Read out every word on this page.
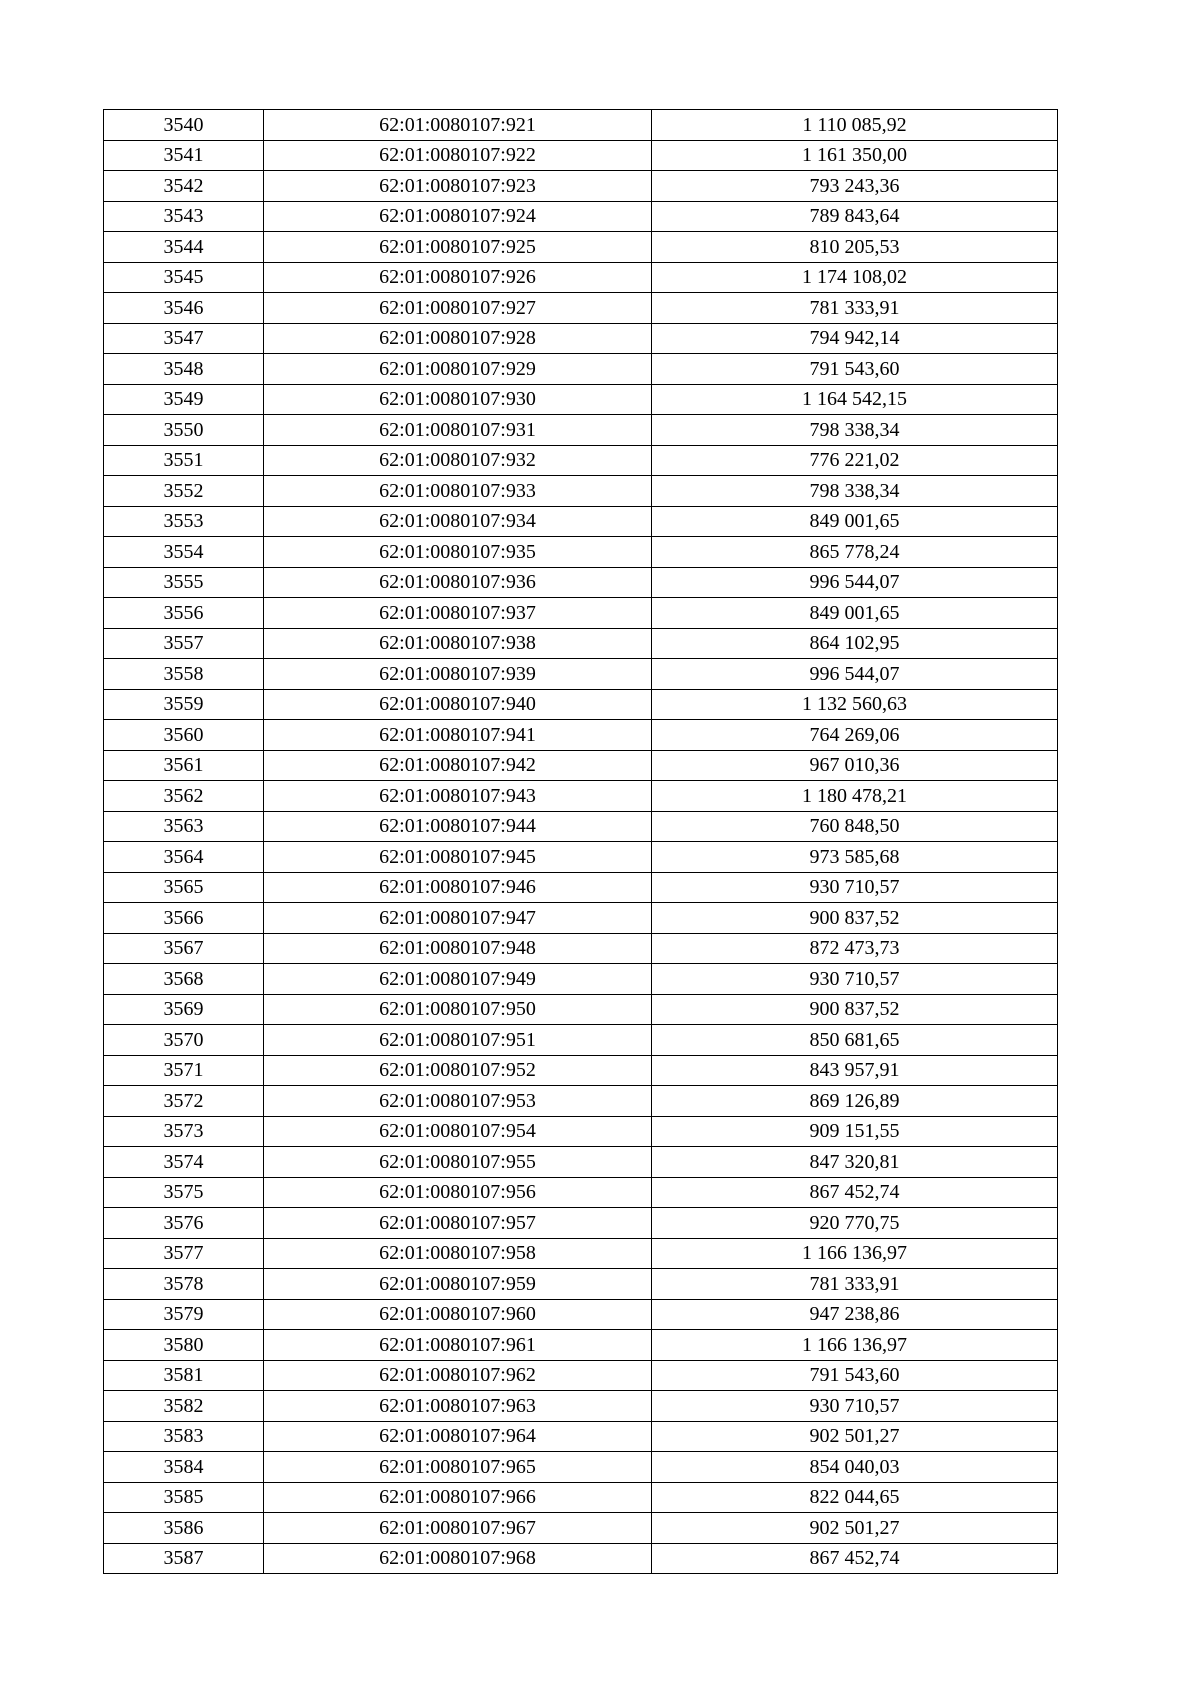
3540	62:01:0080107:921	1 110 085,92
3541	62:01:0080107:922	1 161 350,00
3542	62:01:0080107:923	793 243,36
3543	62:01:0080107:924	789 843,64
3544	62:01:0080107:925	810 205,53
3545	62:01:0080107:926	1 174 108,02
3546	62:01:0080107:927	781 333,91
3547	62:01:0080107:928	794 942,14
3548	62:01:0080107:929	791 543,60
3549	62:01:0080107:930	1 164 542,15
3550	62:01:0080107:931	798 338,34
3551	62:01:0080107:932	776 221,02
3552	62:01:0080107:933	798 338,34
3553	62:01:0080107:934	849 001,65
3554	62:01:0080107:935	865 778,24
3555	62:01:0080107:936	996 544,07
3556	62:01:0080107:937	849 001,65
3557	62:01:0080107:938	864 102,95
3558	62:01:0080107:939	996 544,07
3559	62:01:0080107:940	1 132 560,63
3560	62:01:0080107:941	764 269,06
3561	62:01:0080107:942	967 010,36
3562	62:01:0080107:943	1 180 478,21
3563	62:01:0080107:944	760 848,50
3564	62:01:0080107:945	973 585,68
3565	62:01:0080107:946	930 710,57
3566	62:01:0080107:947	900 837,52
3567	62:01:0080107:948	872 473,73
3568	62:01:0080107:949	930 710,57
3569	62:01:0080107:950	900 837,52
3570	62:01:0080107:951	850 681,65
3571	62:01:0080107:952	843 957,91
3572	62:01:0080107:953	869 126,89
3573	62:01:0080107:954	909 151,55
3574	62:01:0080107:955	847 320,81
3575	62:01:0080107:956	867 452,74
3576	62:01:0080107:957	920 770,75
3577	62:01:0080107:958	1 166 136,97
3578	62:01:0080107:959	781 333,91
3579	62:01:0080107:960	947 238,86
3580	62:01:0080107:961	1 166 136,97
3581	62:01:0080107:962	791 543,60
3582	62:01:0080107:963	930 710,57
3583	62:01:0080107:964	902 501,27
3584	62:01:0080107:965	854 040,03
3585	62:01:0080107:966	822 044,65
3586	62:01:0080107:967	902 501,27
3587	62:01:0080107:968	867 452,74
